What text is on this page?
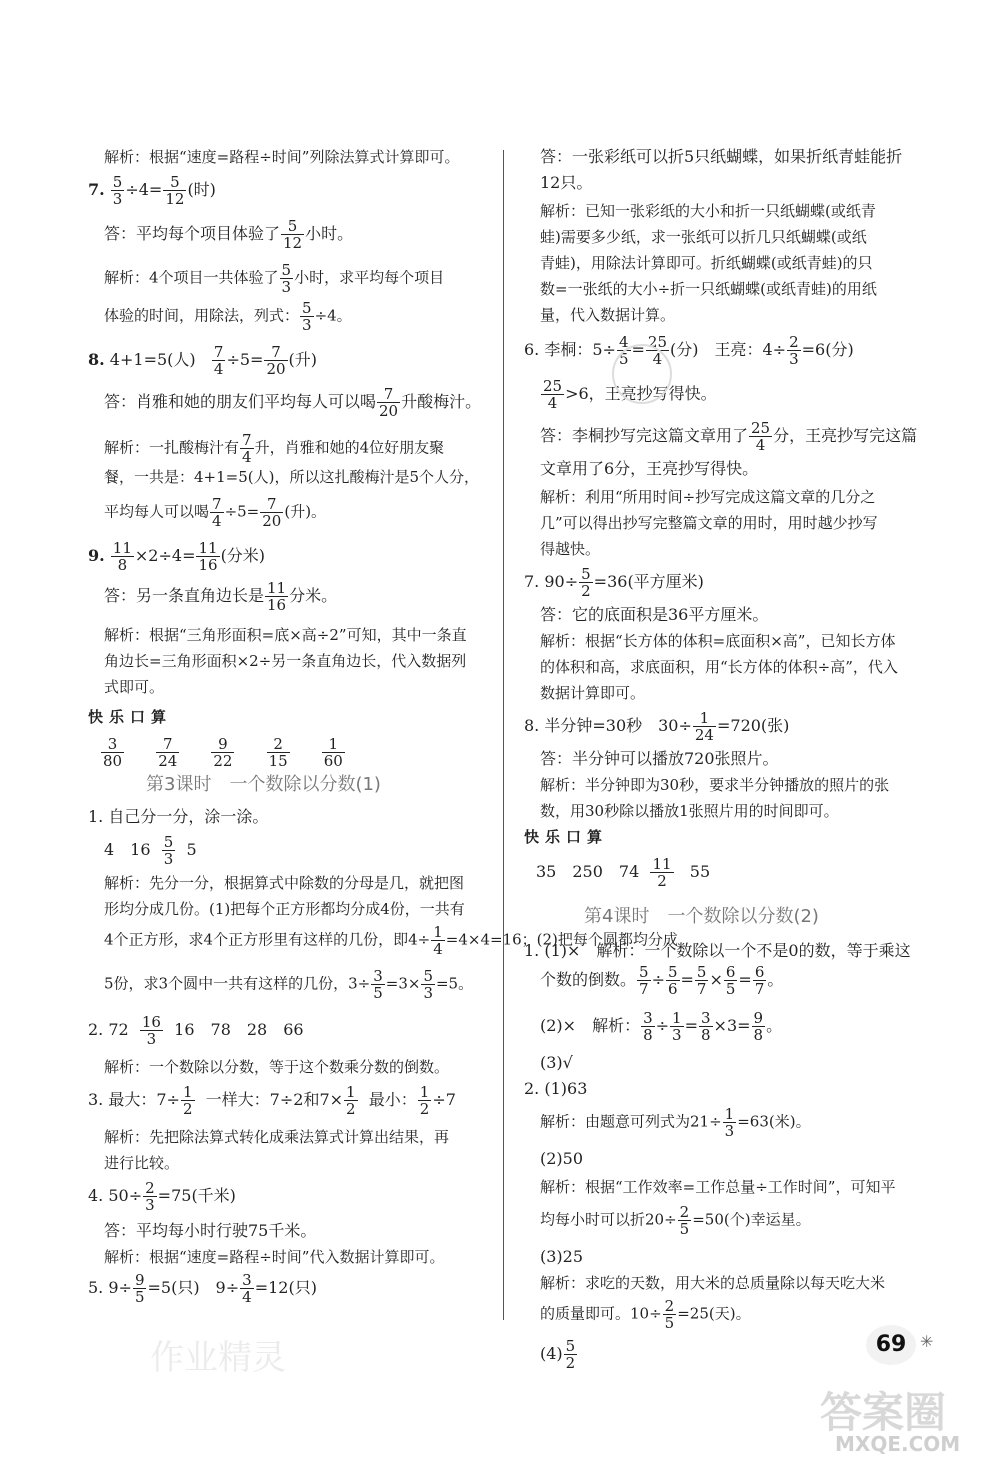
解析：根据“速度=路程÷时间”列除法算式计算即可。
7. $\frac{5}{3} \div 4= \frac{5}{12}$ (时)
答：平均每个项目体验了 $\frac{5}{12}$ 小时。
解析：4个项目一共体验了 $\frac{5}{3}$ 小时，求平均每个项目
体验的时间，用除法，列式： $\frac{5}{3} \div 4$。
8. 4+1=5(人) $\frac{7}{4} \div 5= \frac{7}{20}$ (升)
答：肖雅和她的朋友们平均每人可以喝 $\frac{7}{20}$ 升酸梅汁。
解析：一扎酸梅汁有 $\frac{7}{4}$ 升，肖雅和她的4位好朋友聚
餐，一共是：4+1=5(人)，所以这扎酸梅汁是5个人分，
平均每人可以喝 $\frac{7}{4} \div 5= \frac{7}{20}$ (升)。
9. $\frac{11}{8} \times 2\div 4= \frac{11}{16}$ (分米)
答：另一条直角边长是 $\frac{11}{16}$ 分米。
解析：根据“三角形面积=底×高÷2”可知，其中一条直
角边长=三角形面积×2÷另一条直角边长，代入数据列
式即可。
快乐口算
$\frac{3}{80}$
$\frac{7}{24}$
$\frac{9}{22}$
$\frac{2}{15}$
$\frac{1}{60}$
第3课时　一个数除以分数(1)
1. 自己分一分，涂一涂。
4　$16 \frac{5}{3} 5$
解析：先分一分，根据算式中除数的分母是几，就把图
形均分成几份。(1)把每个正方形都均分成4份，一共有
4个正方形，求4个正方形里有这样的几份，即$4\div \frac{1}{4} =4\times 4=16$；(2)把每个圆都均分成
5份，求3个圆中一共有这样的几份，$3\div \frac{3}{5} =3\times \frac{5}{3} =5$。
2. $72 \frac{16}{3} 16$　78　28　66
解析：一个数除以分数，等于这个数乘分数的倒数。
3. 最大：$7\div \frac{1}{2}$ 一样大：7÷2和$7\times \frac{1}{2}$ 最小： $\frac{1}{2} \div 7$
解析：先把除法算式转化成乘法算式计算出结果，再
进行比较。
4. $50\div \frac{2}{3} =75$(千米)
答：平均每小时行驶75千米。
解析：根据“速度=路程÷时间”代入数据计算即可。
5. $9\div \frac{9}{5} =5$(只)　$9\div \frac{3}{4} =12$(只)
答：一张彩纸可以折5只纸蝴蝶，如果折纸青蛙能折
12只。
解析：已知一张彩纸的大小和折一只纸蝴蝶(或纸青
蛙)需要多少纸，求一张纸可以折几只纸蝴蝶(或纸
青蛙)，用除法计算即可。折纸蝴蝶(或纸青蛙)的只
数=一张纸的大小÷折一只纸蝴蝶(或纸青蛙)的用纸
量，代入数据计算。
6. 李桐：$5\div \frac{4}{5} = \frac{25}{4}$ (分)　王亮：$4\div \frac{2}{3} =6$(分)
$\frac{25}{4} >6$，王亮抄写得快。
答：李桐抄写完这篇文章用了 $\frac{25}{4}$ 分，王亮抄写完这篇
文章用了6分，王亮抄写得快。
解析：利用“所用时间÷抄写完成这篇文章的几分之
几”可以得出抄写完整篇文章的用时，用时越少抄写
得越快。
7. $90\div \frac{5}{2} =36$(平方厘米)
答：它的底面积是36平方厘米。
解析：根据“长方体的体积=底面积×高”，已知长方体
的体积和高，求底面积，用“长方体的体积÷高”，代入
数据计算即可。
8. 半分钟=30秒　$30\div \frac{1}{24} =720$(张)
答：半分钟可以播放720张照片。
解析：半分钟即为30秒，要求半分钟播放的照片的张
数，用30秒除以播放1张照片用的时间即可。
快乐口算
35　250　$74 \frac{11}{2} 55$
第4课时　一个数除以分数(2)
1. (1)×　解析：一个数除以一个不是0的数，等于乘这
个数的倒数。 $\frac{5}{7} \div \frac{5}{6} = \frac{5}{7} \times \frac{6}{5} = \frac{6}{7}$ 。
(2)×　解析： $\frac{3}{8} \div \frac{1}{3} = \frac{3}{8} \times 3= \frac{9}{8}$ 。
(3)√
2. (1)63
解析：由题意可列式为$21\div \frac{1}{3} =63$(米)。
(2)50
解析：根据“工作效率=工作总量÷工作时间”，可知平
均每小时可以折$20\div \frac{2}{5} =50$(个)幸运星。
(3)25
解析：求吃的天数，用大米的总质量除以每天吃大米
的质量即可。$10\div \frac{2}{5} =25$(天)。
$(4) \frac{5}{2}$
作业精灵	69 ✳
答案圈
MXQE.COM
